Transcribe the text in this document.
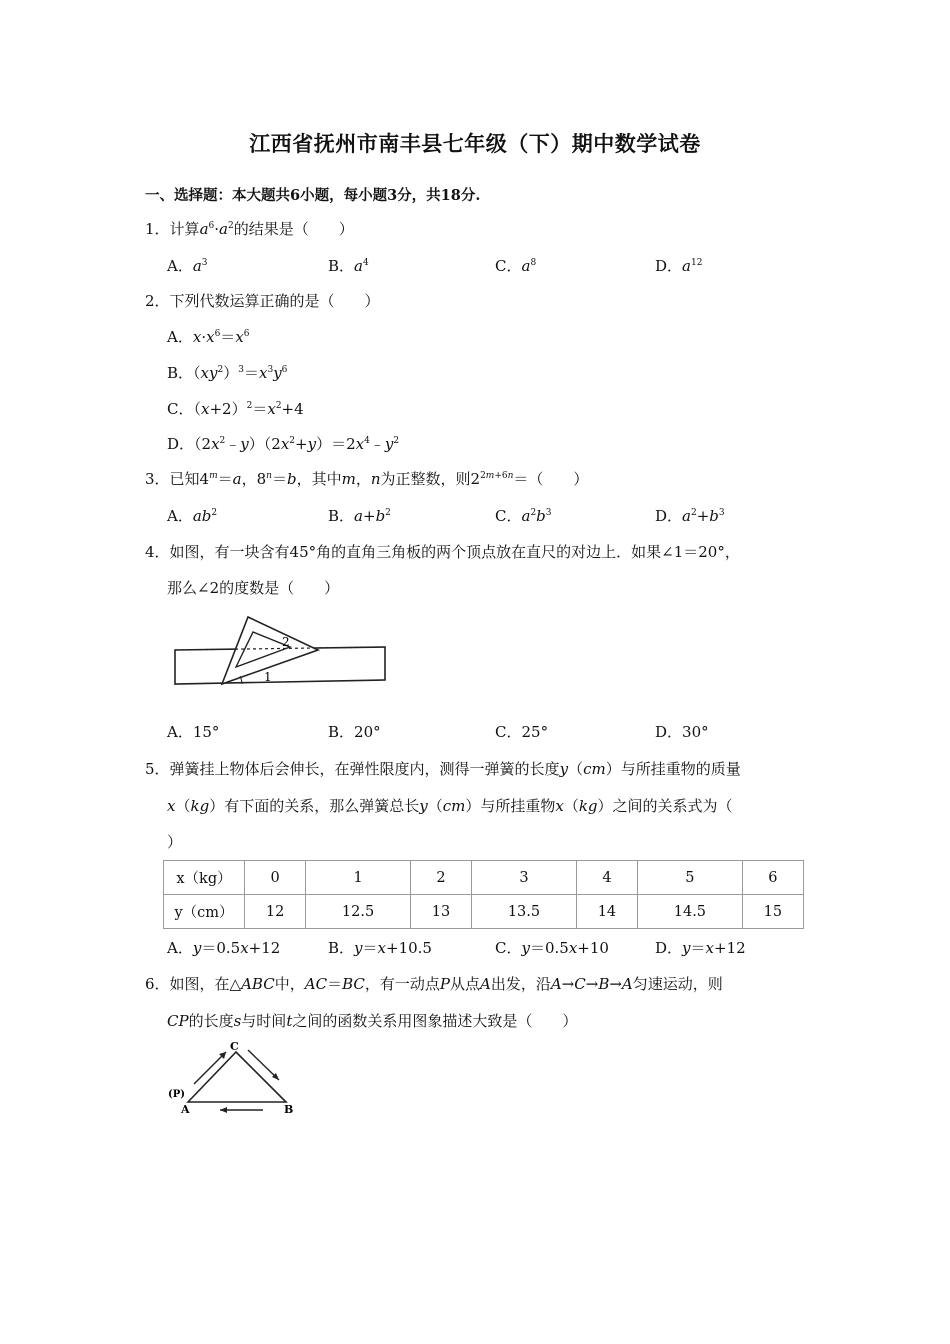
江西省抚州市南丰县七年级（下）期中数学试卷
一、选择题：本大题共6小题，每小题3分，共18分.
1．计算$a^6\cdot a^2$的结果是（　　）
A．$a^3$	B．$a^4$	C．$a^8$	D．$a^{12}$
2．下列代数运算正确的是（　　）
A．$x\cdot x^6=x^6$
B．$(xy^2)^3=x^3y^6$
C．$(x+2)^2=x^2+4$
D．$(2x^2﹣y)(2x^2+y)=2x^4﹣y^2$
3．已知$4^m=a$，$8^n=b$，其中m，n为正整数，则$2^{2m+6n}=$（　　）
A．$ab^2$	B．$a+b^2$	C．$a^2b^3$	D．$a^2+b^3$
4．如图，有一块含有45°角的直角三角板的两个顶点放在直尺的对边上．如果∠1＝20°，
那么∠2的度数是（　　）
2
1
A．15°	B．20°	C．25°	D．30°
5．弹簧挂上物体后会伸长，在弹性限度内，测得一弹簧的长度y（cm）与所挂重物的质量
x（kg）有下面的关系，那么弹簧总长y（cm）与所挂重物x（kg）之间的关系式为（
）
x（kg）	0	1	2	3	4	5	6
y（cm）	12	12.5	13	13.5	14	14.5	15
A．y＝0.5x+12	B．y＝x+10.5	C．y＝0.5x+10	D．y＝x+12
6．如图，在△ABC中，AC＝BC，有一动点P从点A出发，沿A→C→B→A匀速运动，则
CP的长度s与时间t之间的函数关系用图象描述大致是（　　）
C
(P)
A	B
